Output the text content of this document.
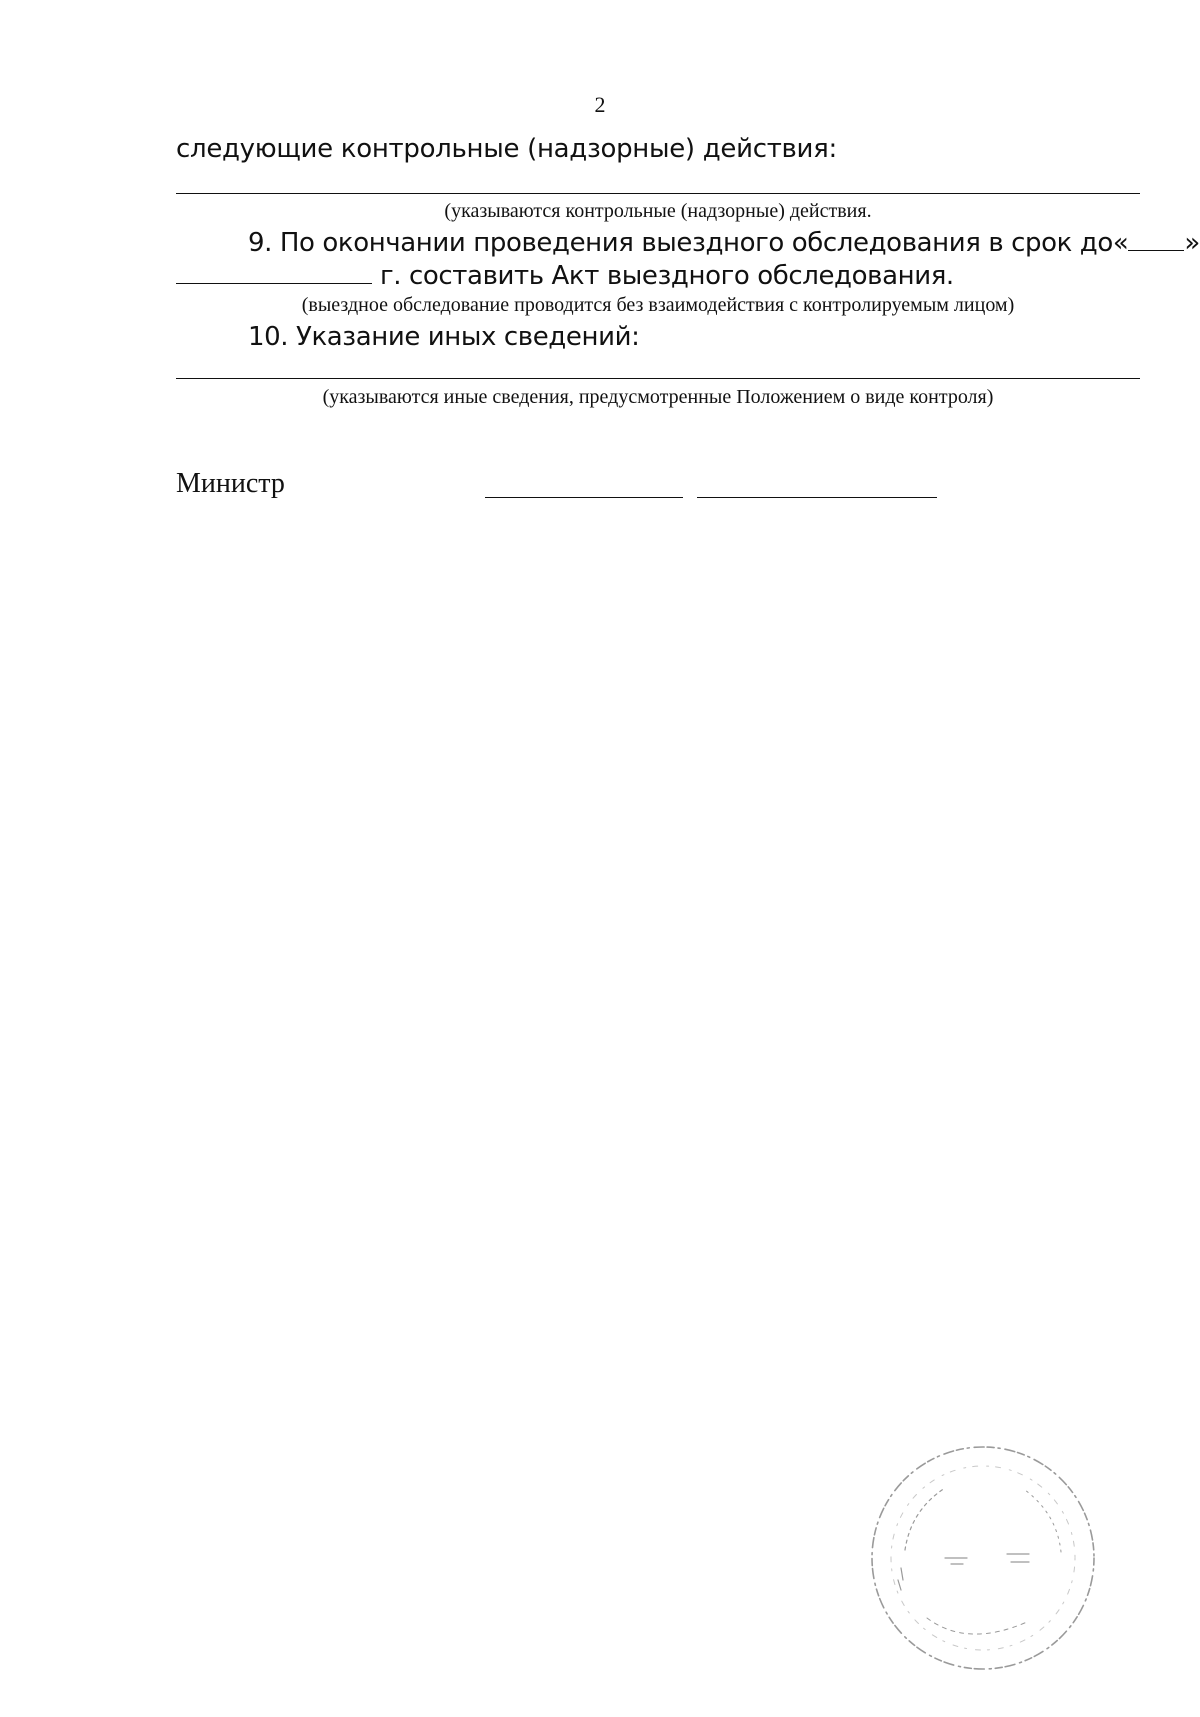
2
следующие контрольные (надзорные) действия:
(указываются контрольные (надзорные) действия.
9. По окончании проведения выездного обследования в срок до« »
г. составить Акт выездного обследования.
(выездное обследование проводится без взаимодействия с контролируемым лицом)
10. Указание иных сведений:
(указываются иные сведения, предусмотренные Положением о виде контроля)
Министр
